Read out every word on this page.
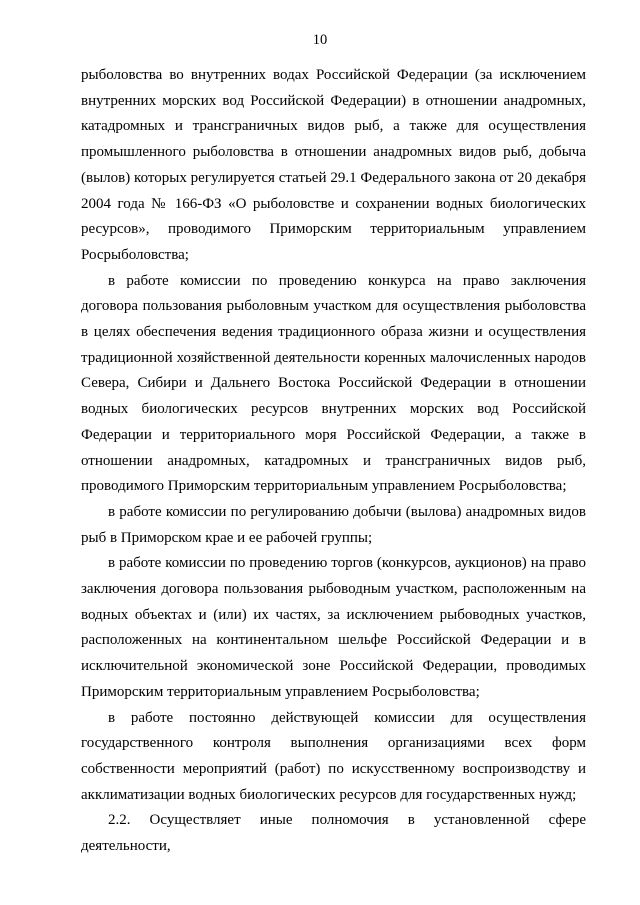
10

рыболовства во внутренних водах Российской Федерации (за исключением внутренних морских вод Российской Федерации) в отношении анадромных, катадромных и трансграничных видов рыб, а также для осуществления промышленного рыболовства в отношении анадромных видов рыб, добыча (вылов) которых регулируется статьей 29.1 Федерального закона от 20 декабря 2004 года № 166-ФЗ «О рыболовстве и сохранении водных биологических ресурсов», проводимого Приморским территориальным управлением Росрыболовства;

в работе комиссии по проведению конкурса на право заключения договора пользования рыболовным участком для осуществления рыболовства в целях обеспечения ведения традиционного образа жизни и осуществления традиционной хозяйственной деятельности коренных малочисленных народов Севера, Сибири и Дальнего Востока Российской Федерации в отношении водных биологических ресурсов внутренних морских вод Российской Федерации и территориального моря Российской Федерации, а также в отношении анадромных, катадромных и трансграничных видов рыб, проводимого Приморским территориальным управлением Росрыболовства;

в работе комиссии по регулированию добычи (вылова) анадромных видов рыб в Приморском крае и ее рабочей группы;

в работе комиссии по проведению торгов (конкурсов, аукционов) на право заключения договора пользования рыбоводным участком, расположенным на водных объектах и (или) их частях, за исключением рыбоводных участков, расположенных на континентальном шельфе Российской Федерации и в исключительной экономической зоне Российской Федерации, проводимых Приморским территориальным управлением Росрыболовства;

в работе постоянно действующей комиссии для осуществления государственного контроля выполнения организациями всех форм собственности мероприятий (работ) по искусственному воспроизводству и акклиматизации водных биологических ресурсов для государственных нужд;

2.2. Осуществляет иные полномочия в установленной сфере деятельности,
